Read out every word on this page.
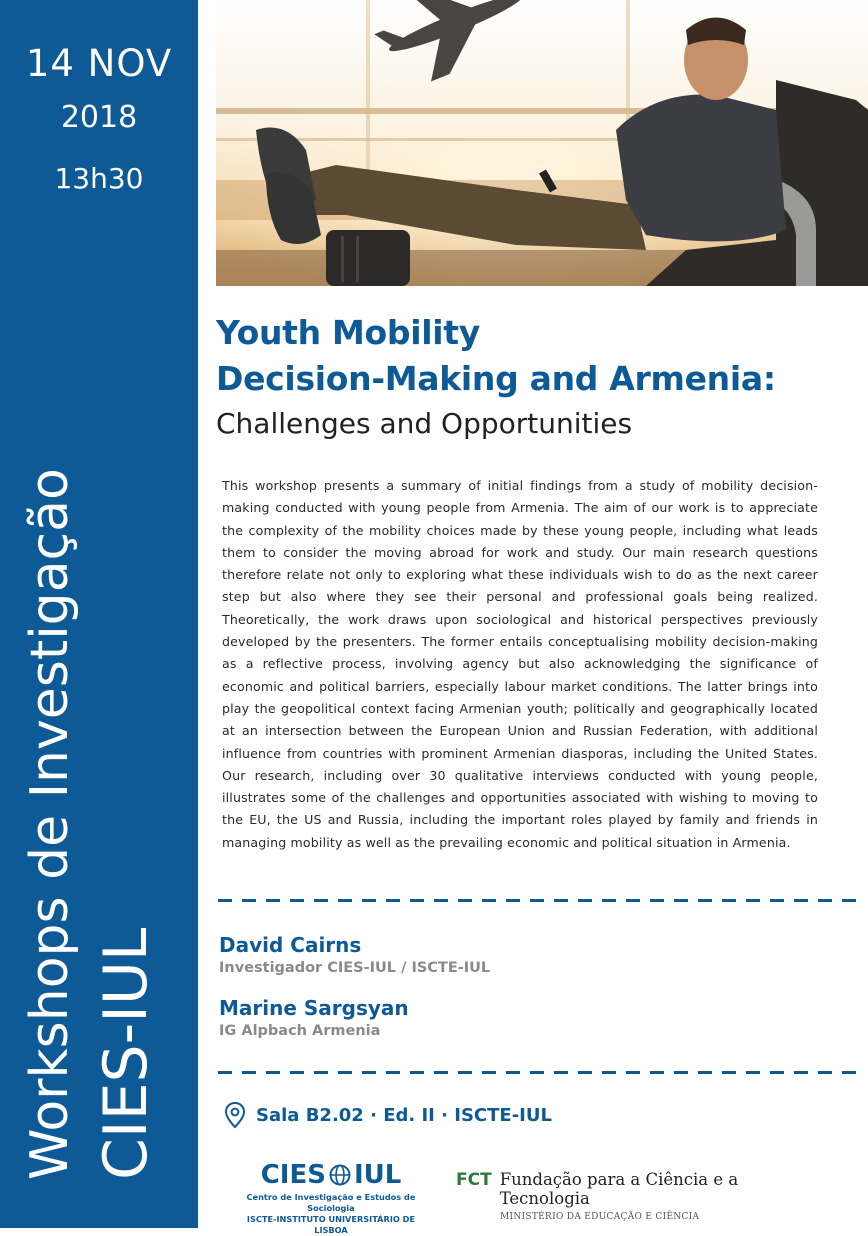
14 NOV
2018
13h30
Workshops de Investigação CIES-IUL
Youth Mobility
Decision-Making and Armenia:
Challenges and Opportunities
This workshop presents a summary of initial findings from a study of mobility decision-making conducted with young people from Armenia. The aim of our work is to appreciate the complexity of the mobility choices made by these young people, including what leads them to consider the moving abroad for work and study. Our main research questions therefore relate not only to exploring what these individuals wish to do as the next career step but also where they see their personal and professional goals being realized. Theoretically, the work draws upon sociological and historical perspectives previously developed by the presenters. The former entails conceptualising mobility decision-making as a reflective process, involving agency but also acknowledging the significance of economic and political barriers, especially labour market conditions. The latter brings into play the geopolitical context facing Armenian youth; politically and geographically located at an intersection between the European Union and Russian Federation, with additional influence from countries with prominent Armenian diasporas, including the United States. Our research, including over 30 qualitative interviews conducted with young people, illustrates some of the challenges and opportunities associated with wishing to moving to the EU, the US and Russia, including the important roles played by family and friends in managing mobility as well as the prevailing economic and political situation in Armenia.
David Cairns
Investigador CIES-IUL / ISCTE-IUL
Marine Sargsyan
IG Alpbach Armenia
Sala B2.02 · Ed. II · ISCTE-IUL
CIES IUL
Centro de Investigação e Estudos de Sociologia
ISCTE-INSTITUTO UNIVERSITÁRIO DE LISBOA
FCT Fundação para a Ciência e a Tecnologia
MINISTÉRIO DA EDUCAÇÃO E CIÊNCIA
